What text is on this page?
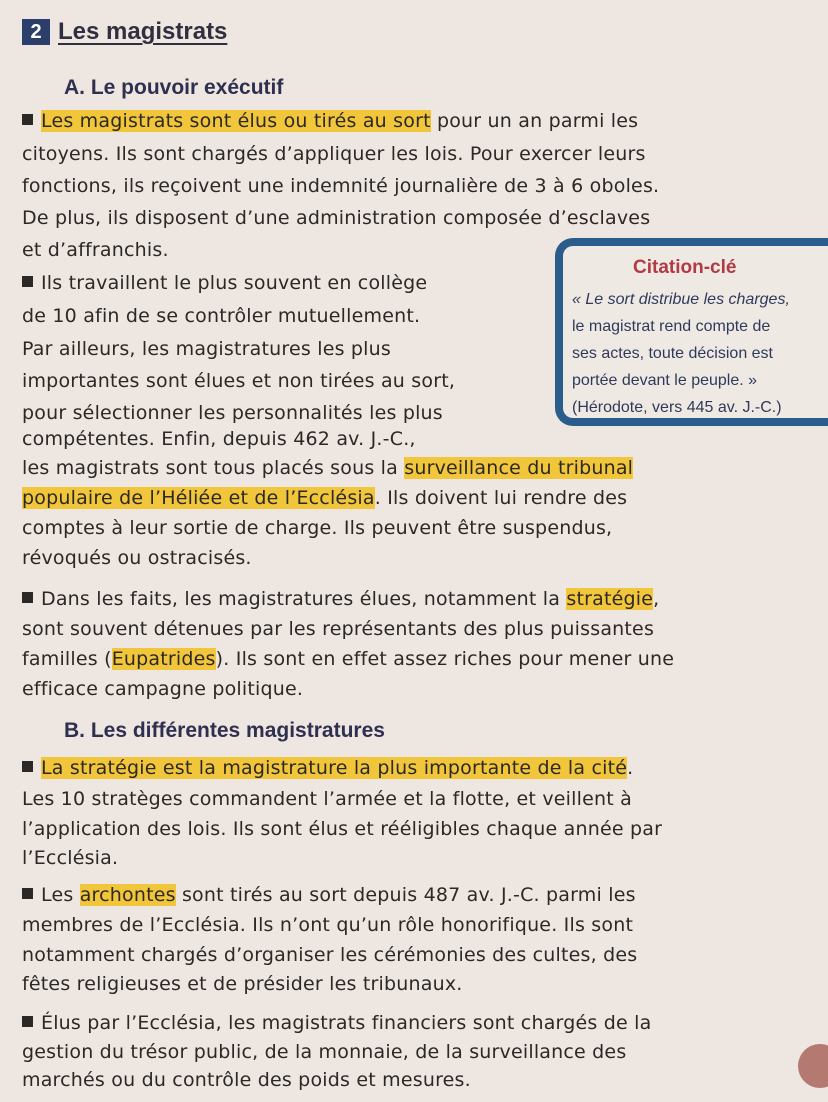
2 Les magistrats
A. Le pouvoir exécutif
Les magistrats sont élus ou tirés au sort pour un an parmi les
citoyens. Ils sont chargés d’appliquer les lois. Pour exercer leurs
fonctions, ils reçoivent une indemnité journalière de 3 à 6 oboles.
De plus, ils disposent d’une administration composée d’esclaves
et d’affranchis.
Citation-clé
« Le sort distribue les charges,
le magistrat rend compte de
ses actes, toute décision est
portée devant le peuple. »
(Hérodote, vers 445 av. J.-C.)
Ils travaillent le plus souvent en collège
de 10 afin de se contrôler mutuellement.
Par ailleurs, les magistratures les plus
importantes sont élues et non tirées au sort,
pour sélectionner les personnalités les plus
compétentes. Enfin, depuis 462 av. J.-C.,
les magistrats sont tous placés sous la surveillance du tribunal
populaire de l’Héliée et de l’Ecclésia. Ils doivent lui rendre des
comptes à leur sortie de charge. Ils peuvent être suspendus,
révoqués ou ostracisés.
Dans les faits, les magistratures élues, notamment la stratégie,
sont souvent détenues par les représentants des plus puissantes
familles (Eupatrides). Ils sont en effet assez riches pour mener une
efficace campagne politique.
B. Les différentes magistratures
La stratégie est la magistrature la plus importante de la cité.
Les 10 stratèges commandent l’armée et la flotte, et veillent à
l’application des lois. Ils sont élus et rééligibles chaque année par
l’Ecclésia.
Les archontes sont tirés au sort depuis 487 av. J.-C. parmi les
membres de l’Ecclésia. Ils n’ont qu’un rôle honorifique. Ils sont
notamment chargés d’organiser les cérémonies des cultes, des
fêtes religieuses et de présider les tribunaux.
Élus par l’Ecclésia, les magistrats financiers sont chargés de la
gestion du trésor public, de la monnaie, de la surveillance des
marchés ou du contrôle des poids et mesures.
